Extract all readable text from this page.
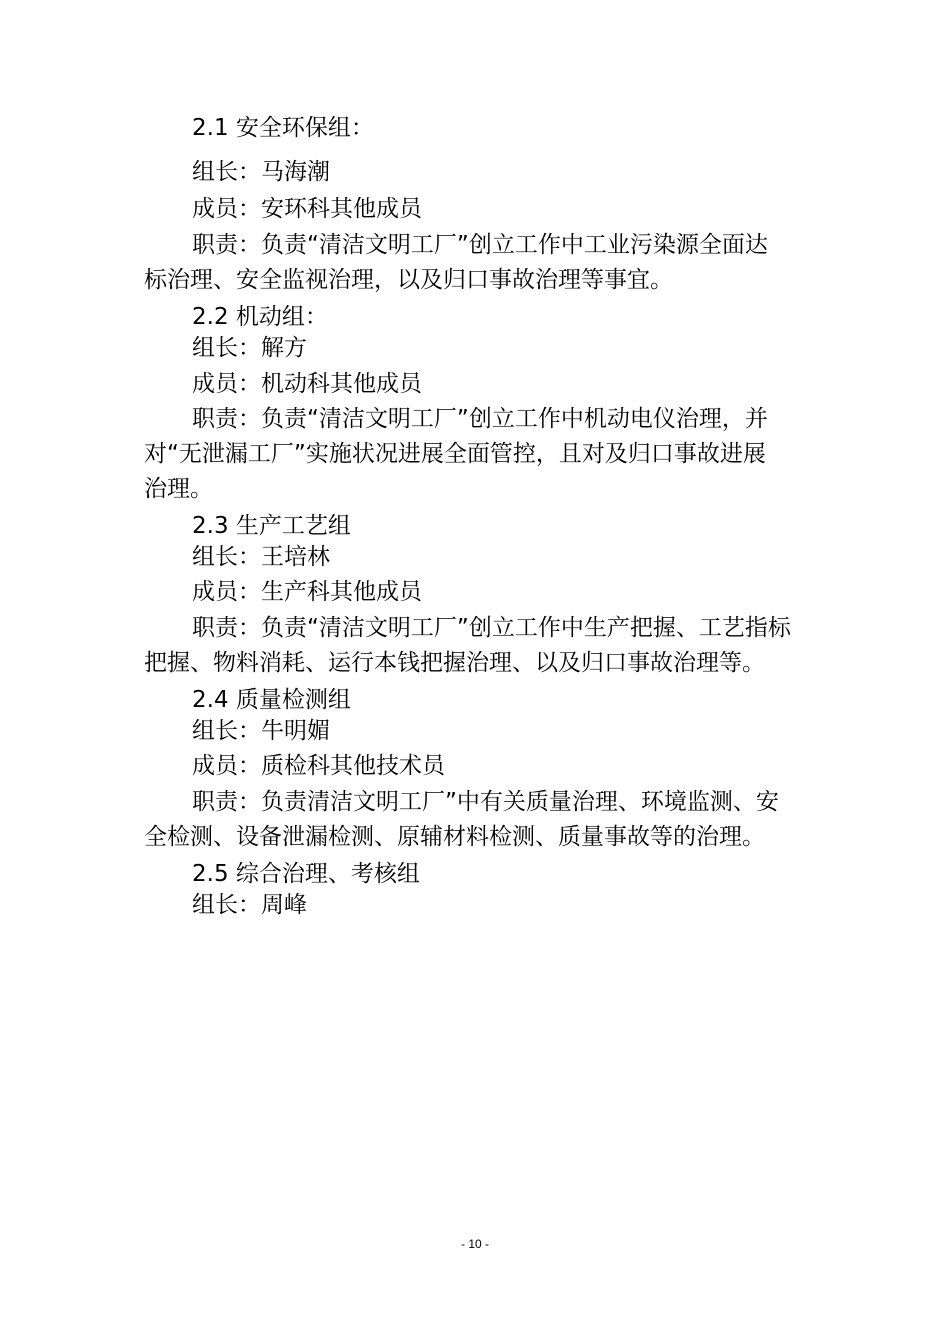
2.1 安全环保组：
组长：马海潮
成员：安环科其他成员
职责：负责“清洁文明工厂”创立工作中工业污染源全面达
标治理、安全监视治理，以及归口事故治理等事宜。
2.2 机动组：
组长：解方
成员：机动科其他成员
职责：负责“清洁文明工厂”创立工作中机动电仪治理，并
对“无泄漏工厂”实施状况进展全面管控，且对及归口事故进展
治理。
2.3 生产工艺组
组长：王培林
成员：生产科其他成员
职责：负责“清洁文明工厂”创立工作中生产把握、工艺指标
把握、物料消耗、运行本钱把握治理、以及归口事故治理等。
2.4 质量检测组
组长：牛明媚
成员：质检科其他技术员
职责：负责清洁文明工厂”中有关质量治理、环境监测、安
全检测、设备泄漏检测、原辅材料检测、质量事故等的治理。
2.5 综合治理、考核组
组长：周峰
- 10 -
